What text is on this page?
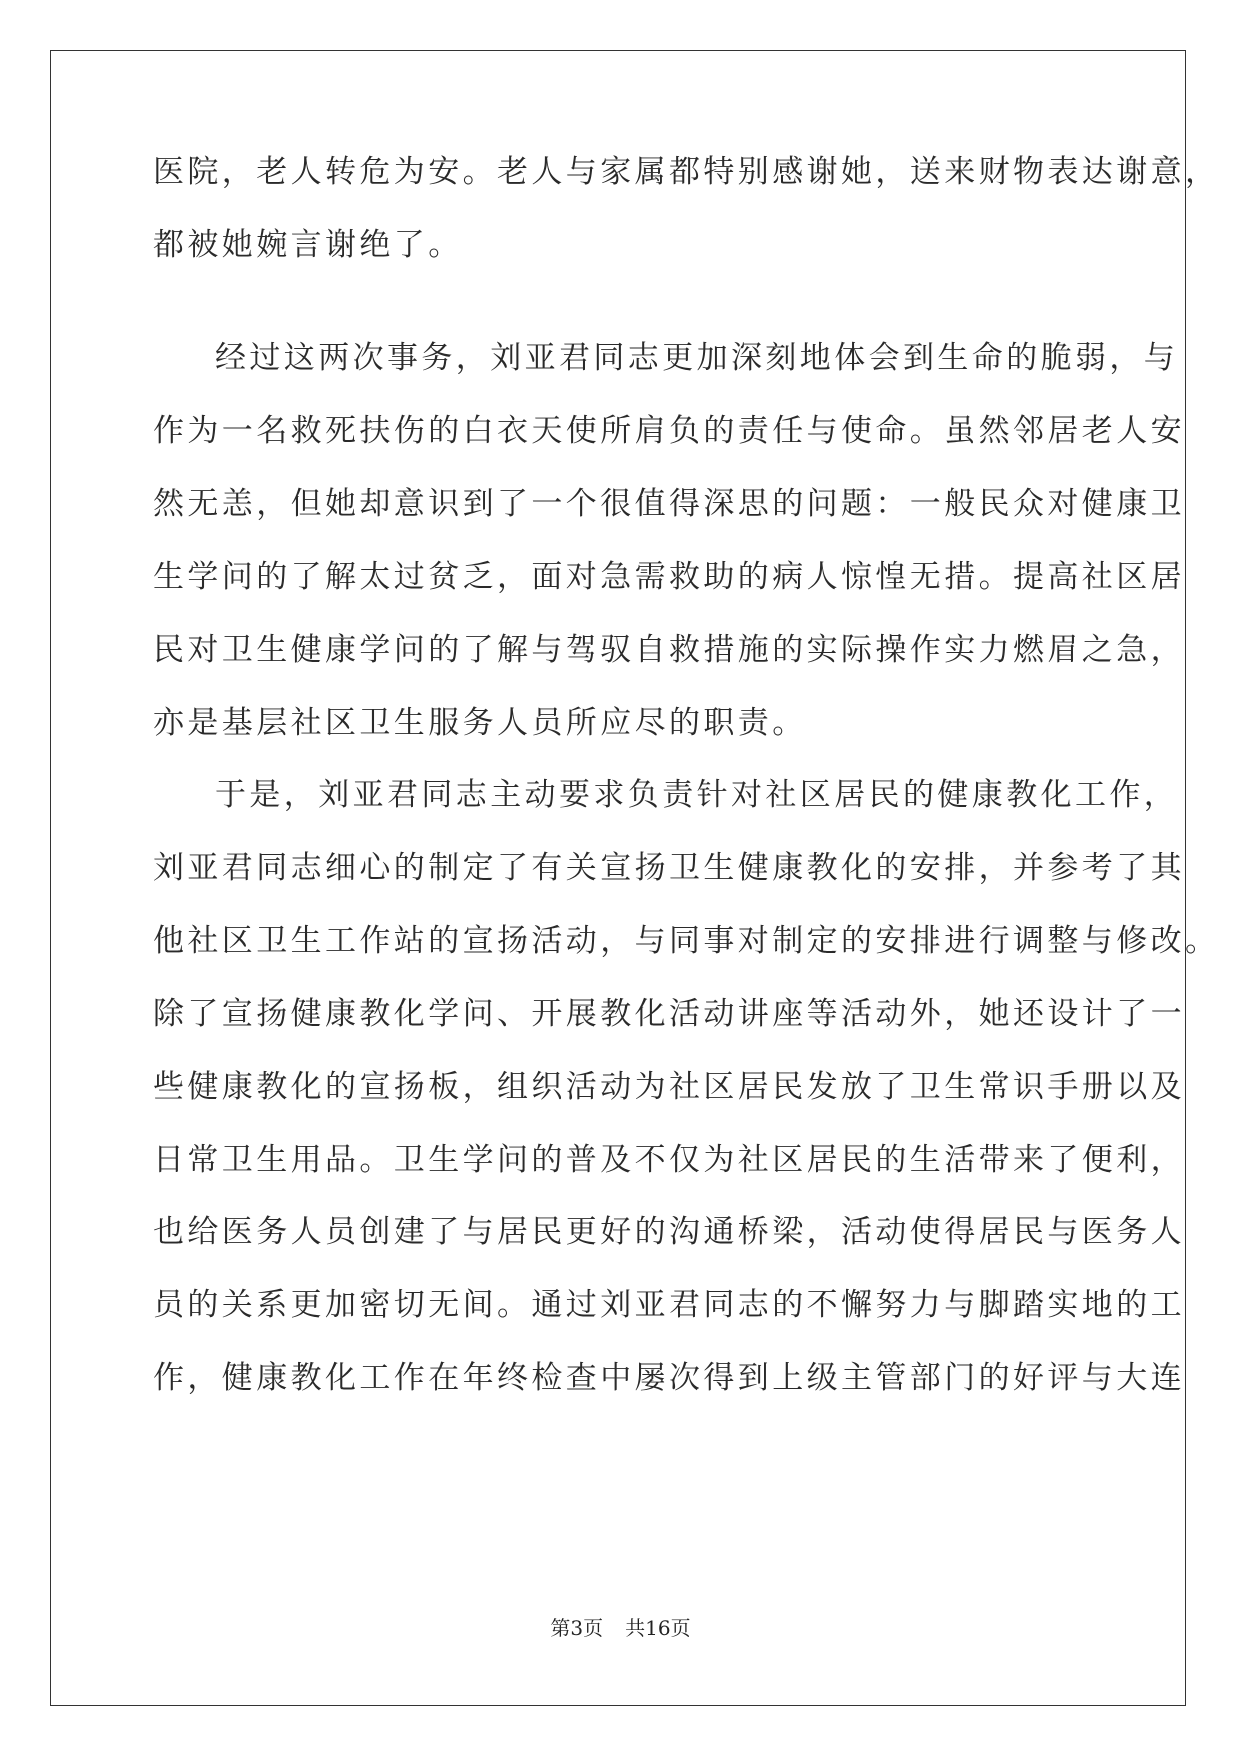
医院，老人转危为安。老人与家属都特别感谢她，送来财物表达谢意，
都被她婉言谢绝了。
经过这两次事务，刘亚君同志更加深刻地体会到生命的脆弱，与
作为一名救死扶伤的白衣天使所肩负的责任与使命。虽然邻居老人安
然无恙，但她却意识到了一个很值得深思的问题：一般民众对健康卫
生学问的了解太过贫乏，面对急需救助的病人惊惶无措。提高社区居
民对卫生健康学问的了解与驾驭自救措施的实际操作实力燃眉之急，
亦是基层社区卫生服务人员所应尽的职责。
于是，刘亚君同志主动要求负责针对社区居民的健康教化工作，
刘亚君同志细心的制定了有关宣扬卫生健康教化的安排，并参考了其
他社区卫生工作站的宣扬活动，与同事对制定的安排进行调整与修改。
除了宣扬健康教化学问、开展教化活动讲座等活动外，她还设计了一
些健康教化的宣扬板，组织活动为社区居民发放了卫生常识手册以及
日常卫生用品。卫生学问的普及不仅为社区居民的生活带来了便利，
也给医务人员创建了与居民更好的沟通桥梁，活动使得居民与医务人
员的关系更加密切无间。通过刘亚君同志的不懈努力与脚踏实地的工
作，健康教化工作在年终检查中屡次得到上级主管部门的好评与大连
第3页 共16页
